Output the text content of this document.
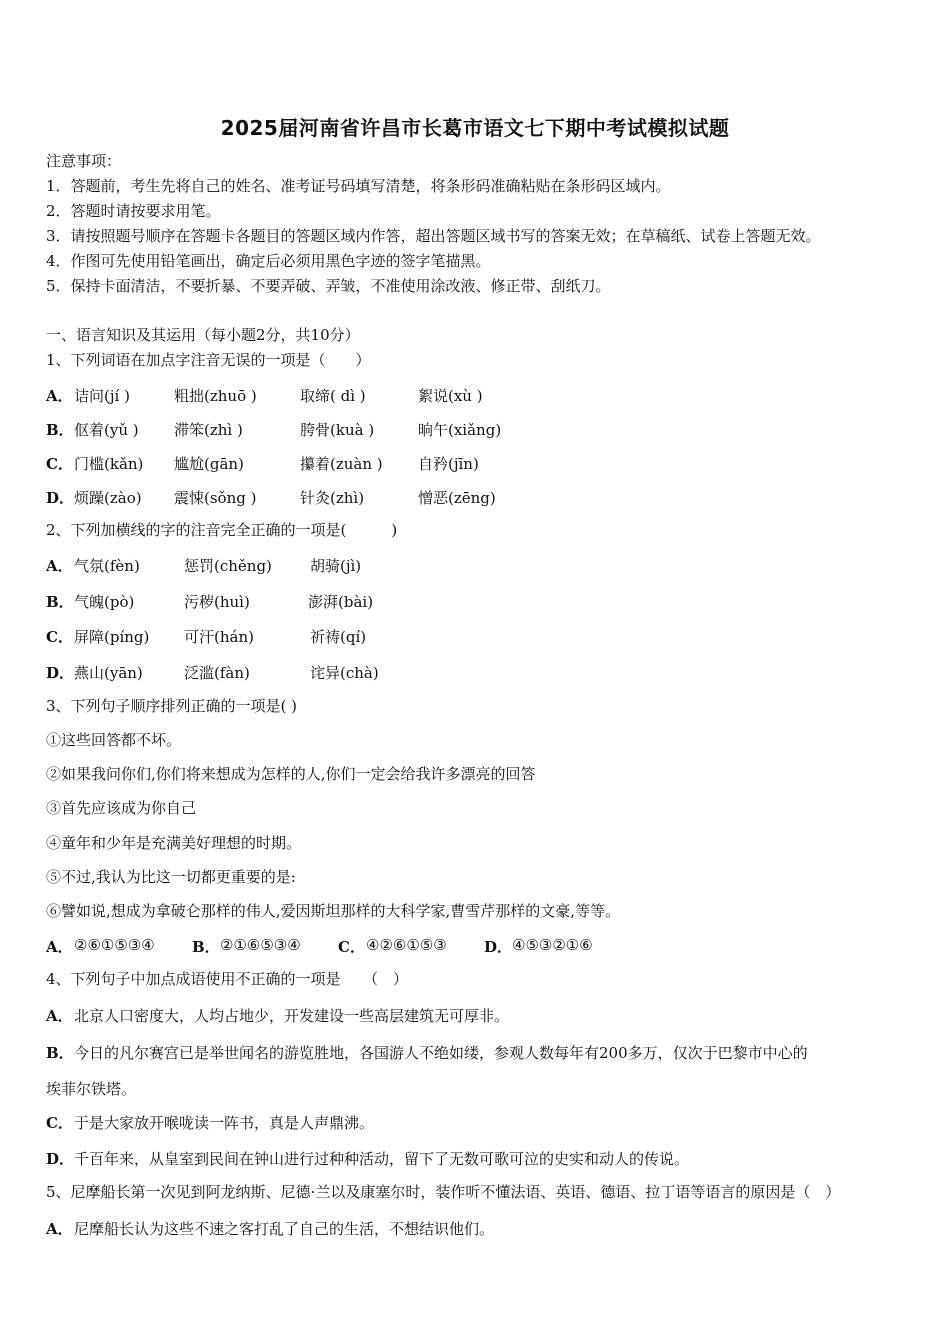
2025届河南省许昌市长葛市语文七下期中考试模拟试题
注意事项：
1．答题前，考生先将自己的姓名、准考证号码填写清楚，将条形码准确粘贴在条形码区域内。
2．答题时请按要求用笔。
3．请按照题号顺序在答题卡各题目的答题区域内作答，超出答题区域书写的答案无效；在草稿纸、试卷上答题无效。
4．作图可先使用铅笔画出，确定后必须用黑色字迹的签字笔描黑。
5．保持卡面清洁，不要折暴、不要弄破、弄皱，不准使用涂改液、修正带、刮纸刀。
一、语言知识及其运用（每小题2分，共10分）
1、下列词语在加点字注音无误的一项是（　　）
A． 诘问(jí )	粗拙(zhuō )	取缔( dì )	絮说(xù )
B． 伛着(yǔ ) 滞笨(zhì )	胯骨(kuà )	晌午(xiǎng)
C． 门槛(kǎn) 尴尬(gān)	攥着(zuàn ) 自矜(jīn)
D． 烦躁(zào) 震悚(sǒng )	针灸(zhì)	憎恶(zēng)
2、下列加横线的字的注音完全正确的一项是(　　　)
A． 气氛(fèn)	惩罚(chěng)	胡骑(jì)
B． 气魄(pò)	污秽(huì)	澎湃(bài)
C． 屏障(píng) 可汗(hán)	祈祷(qí)
D． 燕山(yān)	泛滥(fàn)	诧异(chà)
3、下列句子顺序排列正确的一项是( )
①这些回答都不坏。
②如果我问你们,你们将来想成为怎样的人,你们一定会给我许多漂亮的回答
③首先应该成为你自己
④童年和少年是充满美好理想的时期。
⑤不过,我认为比这一切都更重要的是:
⑥譬如说,想成为拿破仑那样的伟人,爱因斯坦那样的大科学家,曹雪芹那样的文豪,等等。
A． ②⑥①⑤③④ B． ②①⑥⑤③④ C． ④②⑥①⑤③ D． ④⑤③②①⑥
4、下列句子中加点成语使用不正确的一项是　　（　）
A． 北京人口密度大，人均占地少，开发建设一些高层建筑无可厚非。
B． 今日的凡尔赛宫已是举世闻名的游览胜地，各国游人不绝如缕，参观人数每年有200多万，仅次于巴黎市中心的
埃菲尔铁塔。
C． 于是大家放开喉咙读一阵书，真是人声鼎沸。
D． 千百年来，从皇室到民间在钟山进行过种种活动，留下了无数可歌可泣的史实和动人的传说。
5、尼摩船长第一次见到阿龙纳斯、尼德·兰以及康塞尔时，装作听不懂法语、英语、德语、拉丁语等语言的原因是（　）
A． 尼摩船长认为这些不速之客打乱了自己的生活，不想结识他们。
